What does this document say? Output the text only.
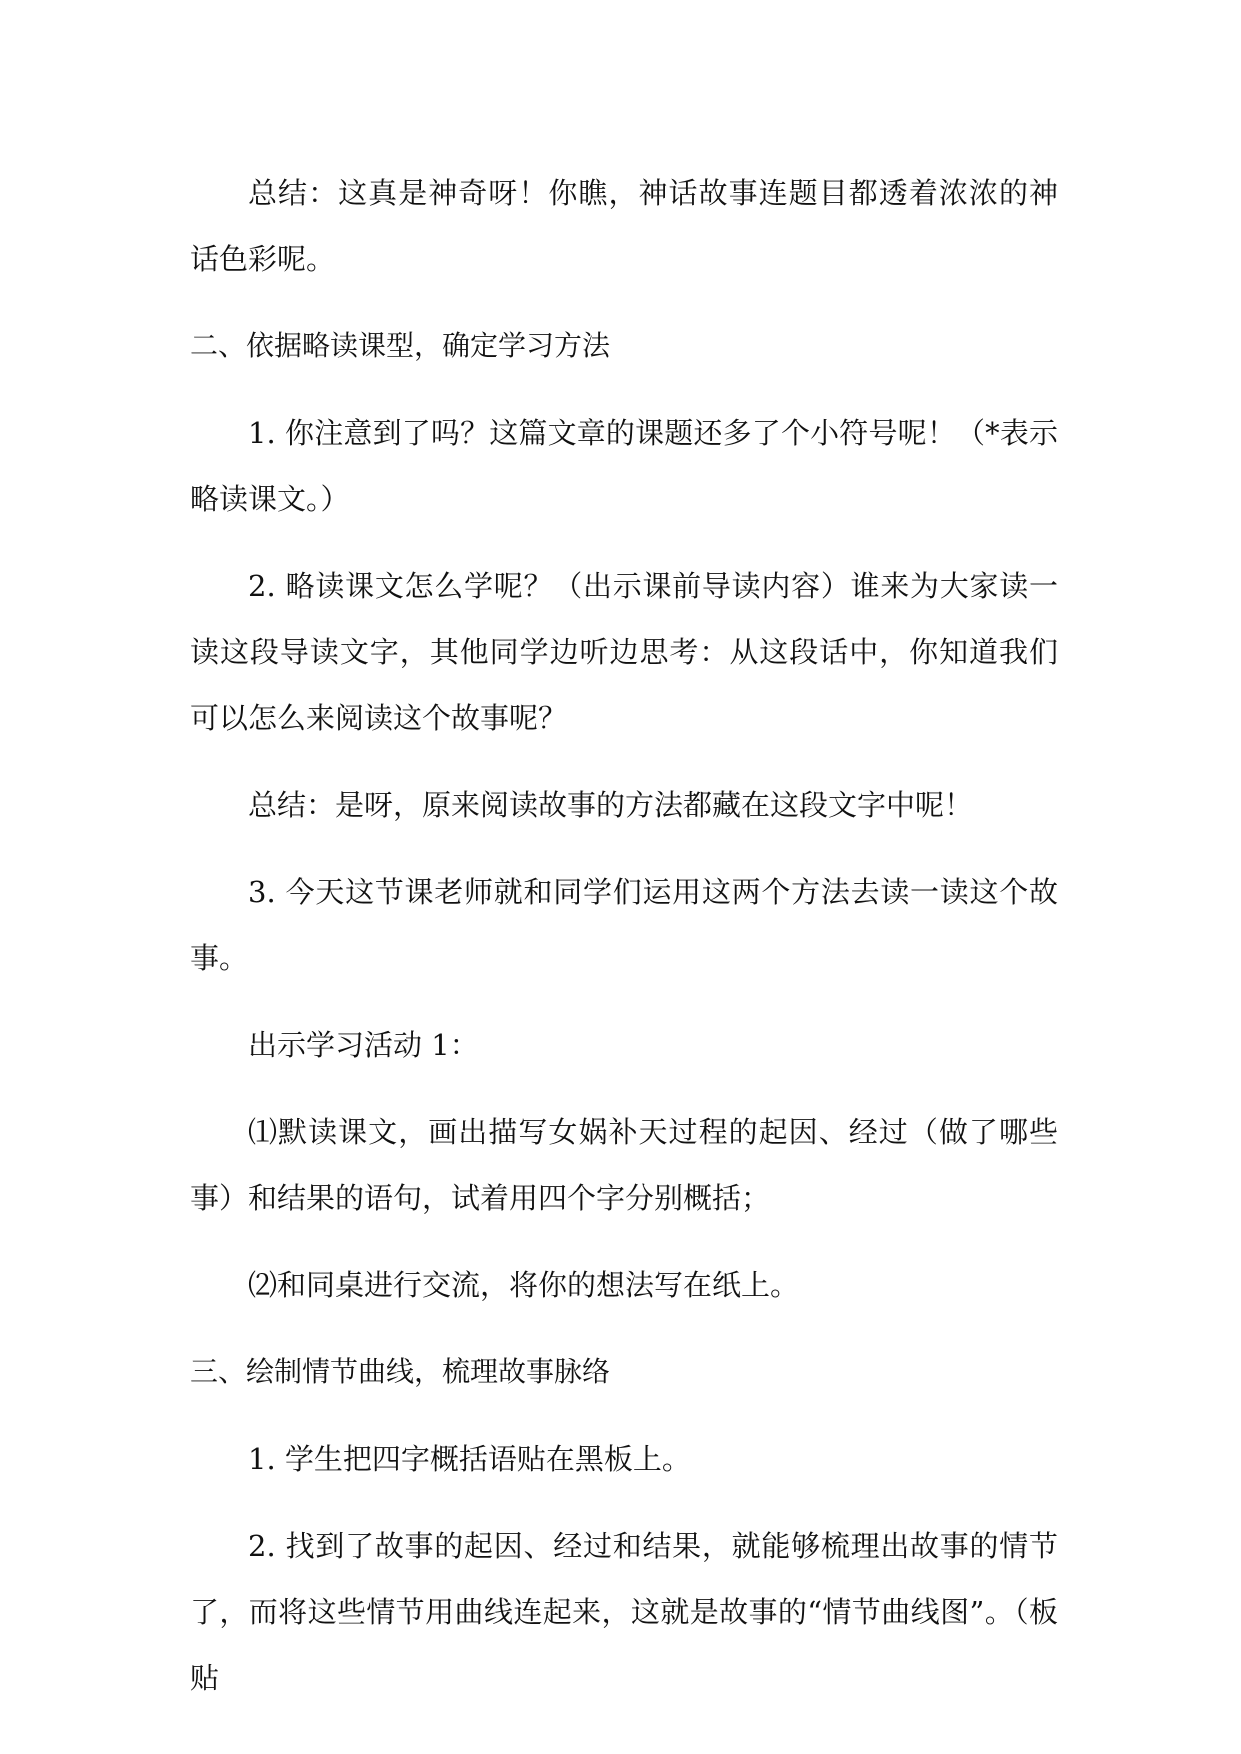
总结：这真是神奇呀！你瞧，神话故事连题目都透着浓浓的神话色彩呢。

二、依据略读课型，确定学习方法

1. 你注意到了吗？这篇文章的课题还多了个小符号呢！（*表示略读课文。）

2. 略读课文怎么学呢？（出示课前导读内容）谁来为大家读一读这段导读文字，其他同学边听边思考：从这段话中，你知道我们可以怎么来阅读这个故事呢？

总结：是呀，原来阅读故事的方法都藏在这段文字中呢！

3. 今天这节课老师就和同学们运用这两个方法去读一读这个故事。

出示学习活动 1：

⑴默读课文，画出描写女娲补天过程的起因、经过（做了哪些事）和结果的语句，试着用四个字分别概括；

⑵和同桌进行交流，将你的想法写在纸上。

三、绘制情节曲线，梳理故事脉络

1. 学生把四字概括语贴在黑板上。

2. 找到了故事的起因、经过和结果，就能够梳理出故事的情节了，而将这些情节用曲线连起来，这就是故事的“情节曲线图”。（板贴
